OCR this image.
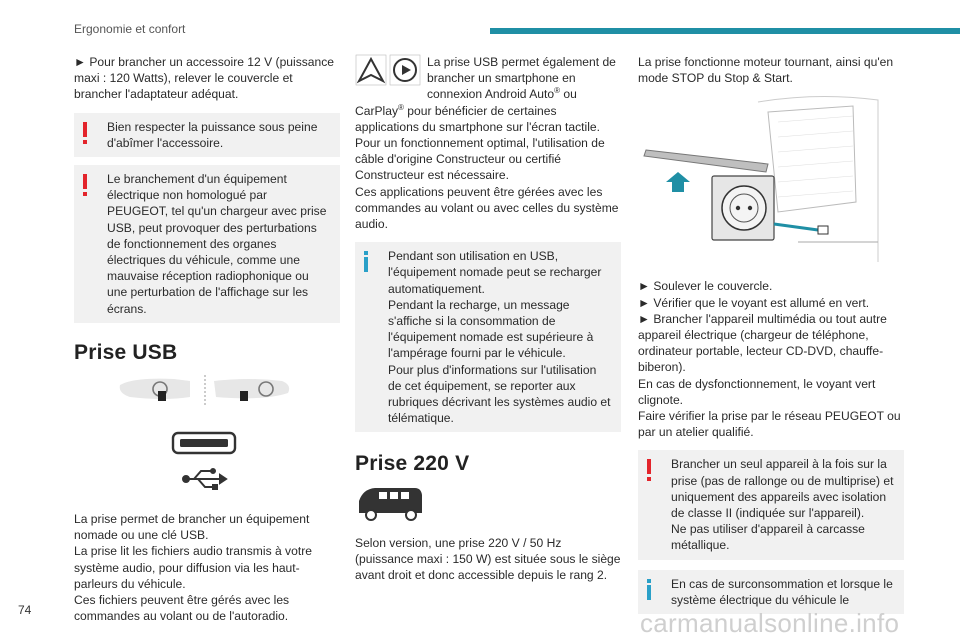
Ergonomie et confort

► Pour brancher un accessoire 12 V (puissance maxi : 120 Watts), relever le couvercle et brancher l'adaptateur adéquat.

Bien respecter la puissance sous peine d'abîmer l'accessoire.

Le branchement d'un équipement électrique non homologué par PEUGEOT, tel qu'un chargeur avec prise USB, peut provoquer des perturbations de fonctionnement des organes électriques du véhicule, comme une mauvaise réception radiophonique ou une perturbation de l'affichage sur les écrans.

Prise USB

La prise permet de brancher un équipement nomade ou une clé USB.
La prise lit les fichiers audio transmis à votre système audio, pour diffusion via les haut-parleurs du véhicule.
Ces fichiers peuvent être gérés avec les commandes au volant ou de l'autoradio.

La prise USB permet également de brancher un smartphone en connexion Android Auto® ou CarPlay® pour bénéficier de certaines applications du smartphone sur l'écran tactile.
Pour un fonctionnement optimal, l'utilisation de câble d'origine Constructeur ou certifié Constructeur est nécessaire.
Ces applications peuvent être gérées avec les commandes au volant ou avec celles du système audio.

Pendant son utilisation en USB, l'équipement nomade peut se recharger automatiquement.
Pendant la recharge, un message s'affiche si la consommation de l'équipement nomade est supérieure à l'ampérage fourni par le véhicule.
Pour plus d'informations sur l'utilisation de cet équipement, se reporter aux rubriques décrivant les systèmes audio et télématique.

Prise 220 V

Selon version, une prise 220 V / 50 Hz (puissance maxi : 150 W) est située sous le siège avant droit et donc accessible depuis le rang 2.

La prise fonctionne moteur tournant, ainsi qu'en mode STOP du Stop & Start.

► Soulever le couvercle.
► Vérifier que le voyant est allumé en vert.
► Brancher l'appareil multimédia ou tout autre appareil électrique (chargeur de téléphone, ordinateur portable, lecteur CD-DVD, chauffe-biberon).
En cas de dysfonctionnement, le voyant vert clignote.
Faire vérifier la prise par le réseau PEUGEOT ou par un atelier qualifié.

Brancher un seul appareil à la fois sur la prise (pas de rallonge ou de multiprise) et uniquement des appareils avec isolation de classe II (indiquée sur l'appareil).
Ne pas utiliser d'appareil à carcasse métallique.

En cas de surconsommation et lorsque le système électrique du véhicule le

74	carmanualsonline.info
